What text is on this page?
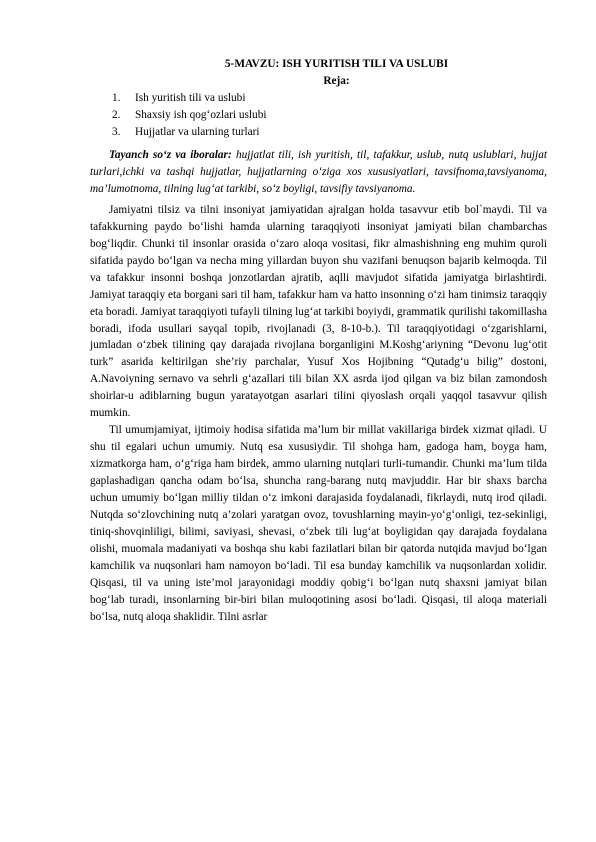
5-MAVZU: ISH YURITISH TILI VA USLUBI

Reja:

1. Ish yuritish tili va uslubi
2. Shaxsiy ish qog‘ozlari uslubi
3. Hujjatlar va ularning turlari

Tayanch so‘z va iboralar: hujjatlat tili, ish yuritish, til, tafakkur, uslub, nutq uslublari, hujjat turlari,ichki va tashqi hujjatlar, hujjatlarning o‘ziga xos xususiyatlari, tavsifnoma,tavsiyanoma, ma’lumotnoma, tilning lug‘at tarkibi, so‘z boyligi, tavsifiy tavsiyanoma.

Jamiyatni tilsiz va tilni insoniyat jamiyatidan ajralgan holda tasavvur etib bol`maydi. Til va tafakkurning paydo bo‘lishi hamda ularning taraqqiyoti insoniyat jamiyati bilan chambarchas bog‘liqdir. Chunki til insonlar orasida o‘zaro aloqa vositasi, fikr almashishning eng muhim quroli sifatida paydo bo‘lgan va necha ming yillardan buyon shu vazifani benuqson bajarib kelmoqda. Til va tafakkur insonni boshqa jonzotlardan ajratib, aqlli mavjudot sifatida jamiyatga birlashtirdi. Jamiyat taraqqiy eta borgani sari til ham, tafakkur ham va hatto insonning o‘zi ham tinimsiz taraqqiy eta boradi. Jamiyat taraqqiyoti tufayli tilning lug‘at tarkibi boyiydi, grammatik qurilishi takomillasha boradi, ifoda usullari sayqal topib, rivojlanadi (3, 8-10-b.). Til taraqqiyotidagi o‘zgarishlarni, jumladan o‘zbek tilining qay darajada rivojlana borganligini M.Koshg‘ariyning “Devonu lug‘otit turk” asarida keltirilgan she’riy parchalar, Yusuf Xos Hojibning “Qutadg‘u bilig” dostoni, A.Navoiyning sernavo va sehrli g‘azallari tili bilan XX asrda ijod qilgan va biz bilan zamondosh shoirlar-u adiblarning bugun yaratayotgan asarlari tilini qiyoslash orqali yaqqol tasavvur qilish mumkin.

Til umumjamiyat, ijtimoiy hodisa sifatida ma’lum bir millat vakillariga birdek xizmat qiladi. U shu til egalari uchun umumiy. Nutq esa xususiydir. Til shohga ham, gadoga ham, boyga ham, xizmatkorga ham, o‘g‘riga ham birdek, ammo ularning nutqlari turli-tumandir. Chunki ma’lum tilda gaplashadigan qancha odam bo‘lsa, shuncha rang-barang nutq mavjuddir. Har bir shaxs barcha uchun umumiy bo‘lgan milliy tildan o‘z imkoni darajasida foydalanadi, fikrlaydi, nutq irod qiladi. Nutqda so‘zlovchining nutq a’zolari yaratgan ovoz, tovushlarning mayin-yo‘g‘onligi, tez-sekinligi, tiniq-shovqinliligi, bilimi, saviyasi, shevasi, o‘zbek tili lug‘at boyligidan qay darajada foydalana olishi, muomala madaniyati va boshqa shu kabi fazilatlari bilan bir qatorda nutqida mavjud bo‘lgan kamchilik va nuqsonlari ham namoyon bo‘ladi. Til esa bunday kamchilik va nuqsonlardan xolidir. Qisqasi, til va uning iste’mol jarayonidagi moddiy qobig‘i bo‘lgan nutq shaxsni jamiyat bilan bog‘lab turadi, insonlarning bir-biri bilan muloqotining asosi bo‘ladi. Qisqasi, til aloqa materiali bo‘lsa, nutq aloqa shaklidir. Tilni asrlar
